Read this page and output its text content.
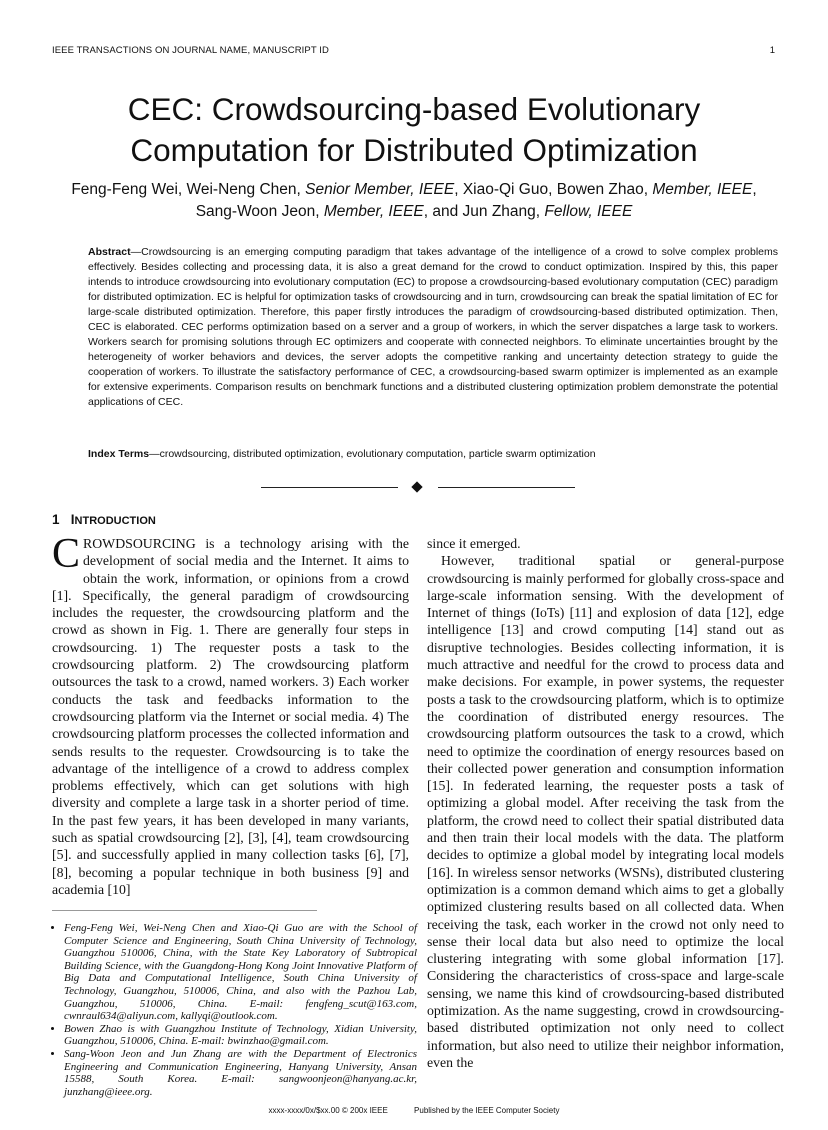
IEEE TRANSACTIONS ON JOURNAL NAME, MANUSCRIPT ID	1
CEC: Crowdsourcing-based Evolutionary
Computation for Distributed Optimization
Feng-Feng Wei, Wei-Neng Chen, Senior Member, IEEE, Xiao-Qi Guo, Bowen Zhao, Member, IEEE, Sang-Woon Jeon, Member, IEEE, and Jun Zhang, Fellow, IEEE
Abstract—Crowdsourcing is an emerging computing paradigm that takes advantage of the intelligence of a crowd to solve complex problems effectively. Besides collecting and processing data, it is also a great demand for the crowd to conduct optimization. Inspired by this, this paper intends to introduce crowdsourcing into evolutionary computation (EC) to propose a crowdsourcing-based evolutionary computation (CEC) paradigm for distributed optimization. EC is helpful for optimization tasks of crowdsourcing and in turn, crowdsourcing can break the spatial limitation of EC for large-scale distributed optimization. Therefore, this paper firstly introduces the paradigm of crowdsourcing-based distributed optimization. Then, CEC is elaborated. CEC performs optimization based on a server and a group of workers, in which the server dispatches a large task to workers. Workers search for promising solutions through EC optimizers and cooperate with connected neighbors. To eliminate uncertainties brought by the heterogeneity of worker behaviors and devices, the server adopts the competitive ranking and uncertainty detection strategy to guide the cooperation of workers. To illustrate the satisfactory performance of CEC, a crowdsourcing-based swarm optimizer is implemented as an example for extensive experiments. Comparison results on benchmark functions and a distributed clustering optimization problem demonstrate the potential applications of CEC.
Index Terms—crowdsourcing, distributed optimization, evolutionary computation, particle swarm optimization
1 INTRODUCTION

CROWDSOURCING is a technology arising with the development of social media and the Internet. It aims to obtain the work, information, or opinions from a crowd [1]. Specifically, the general paradigm of crowdsourcing includes the requester, the crowdsourcing platform and the crowd as shown in Fig. 1. There are generally four steps in crowdsourcing. 1) The requester posts a task to the crowdsourcing platform. 2) The crowdsourcing platform outsources the task to a crowd, named workers. 3) Each worker conducts the task and feedbacks information to the crowdsourcing platform via the Internet or social media. 4) The crowdsourcing platform processes the collected information and sends results to the requester. Crowdsourcing is to take the advantage of the intelligence of a crowd to address complex problems effectively, which can get solutions with high diversity and complete a large task in a shorter period of time. In the past few years, it has been developed in many variants, such as spatial crowdsourcing [2], [3], [4], team crowdsourcing [5]. and successfully applied in many collection tasks [6], [7], [8], becoming a popular technique in both business [9] and academia [10]

since it emerged.

However, traditional spatial or general-purpose crowdsourcing is mainly performed for globally cross-space and large-scale information sensing. With the development of Internet of things (IoTs) [11] and explosion of data [12], edge intelligence [13] and crowd computing [14] stand out as disruptive technologies. Besides collecting information, it is much attractive and needful for the crowd to process data and make decisions. For example, in power systems, the requester posts a task to the crowdsourcing platform, which is to optimize the coordination of distributed energy resources. The crowdsourcing platform outsources the task to a crowd, which need to optimize the coordination of energy resources based on their collected power generation and consumption information [15]. In federated learning, the requester posts a task of optimizing a global model. After receiving the task from the platform, the crowd need to collect their spatial distributed data and then train their local models with the data. The platform decides to optimize a global model by integrating local models [16]. In wireless sensor networks (WSNs), distributed clustering optimization is a common demand which aims to get a globally optimized clustering results based on all collected data. When receiving the task, each worker in the crowd not only need to sense their local data but also need to optimize the local clustering integrating with some global information [17]. Considering the characteristics of cross-space and large-scale sensing, we name this kind of crowdsourcing-based distributed optimization. As the name suggesting, crowd in crowdsourcing-based distributed optimization not only need to collect information, but also need to utilize their neighbor information, even the

• Feng-Feng Wei, Wei-Neng Chen and Xiao-Qi Guo are with the School of Computer Science and Engineering, South China University of Technology, Guangzhou 510006, China, with the State Key Laboratory of Subtropical Building Science, with the Guangdong-Hong Kong Joint Innovative Platform of Big Data and Computational Intelligence, South China University of Technology, Guangzhou, 510006, China, and also with the Pazhou Lab, Guangzhou, 510006, China. E-mail: fengfeng_scut@163.com, cwnraul634@aliyun.com, kallyqi@outlook.com.
• Bowen Zhao is with Guangzhou Institute of Technology, Xidian University, Guangzhou, 510006, China. E-mail: bwinzhao@gmail.com.
• Sang-Woon Jeon and Jun Zhang are with the Department of Electronics Engineering and Communication Engineering, Hanyang University, Ansan 15588, South Korea. E-mail: sangwoonjeon@hanyang.ac.kr, junzhang@ieee.org.
xxxx-xxxx/0x/$xx.00 © 200x IEEE	Published by the IEEE Computer Society
